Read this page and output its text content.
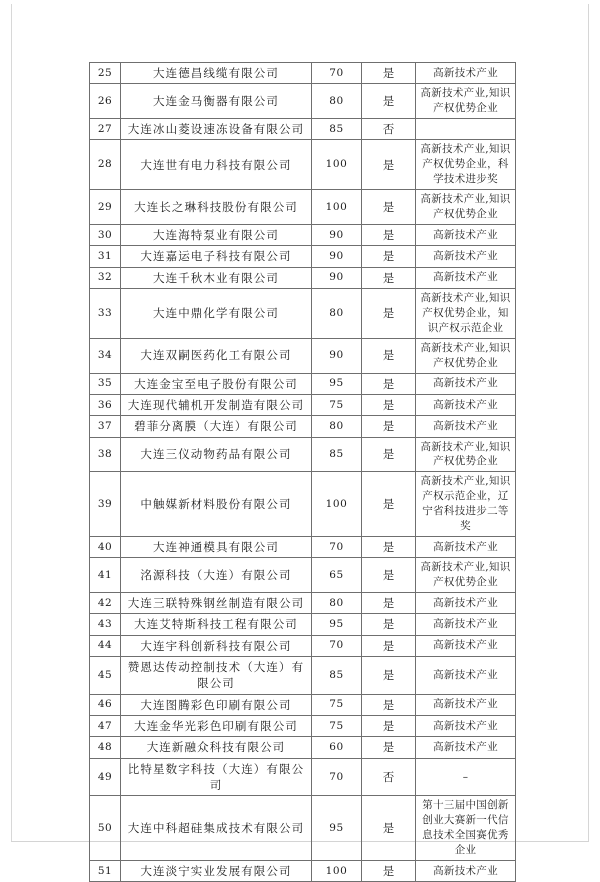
25	大连德昌线缆有限公司	70	是	高新技术产业
26	大连金马衡器有限公司	80	是	高新技术产业,知识产权优势企业
27	大连冰山菱设速冻设备有限公司	85	否	
28	大连世有电力科技有限公司	100	是	高新技术产业,知识产权优势企业，科学技术进步奖
29	大连长之琳科技股份有限公司	100	是	高新技术产业,知识产权优势企业
30	大连海特泵业有限公司	90	是	高新技术产业
31	大连嘉运电子科技有限公司	90	是	高新技术产业
32	大连千秋木业有限公司	90	是	高新技术产业
33	大连中鼎化学有限公司	80	是	高新技术产业,知识产权优势企业，知识产权示范企业
34	大连双嗣医药化工有限公司	90	是	高新技术产业,知识产权优势企业
35	大连金宝至电子股份有限公司	95	是	高新技术产业
36	大连现代辅机开发制造有限公司	75	是	高新技术产业
37	碧菲分离膜（大连）有限公司	80	是	高新技术产业
38	大连三仪动物药品有限公司	85	是	高新技术产业,知识产权优势企业
39	中触媒新材料股份有限公司	100	是	高新技术产业,知识产权示范企业，辽宁省科技进步二等奖
40	大连神通模具有限公司	70	是	高新技术产业
41	洺源科技（大连）有限公司	65	是	高新技术产业,知识产权优势企业
42	大连三联特殊钢丝制造有限公司	80	是	高新技术产业
43	大连艾特斯科技工程有限公司	95	是	高新技术产业
44	大连宇科创新科技有限公司	70	是	高新技术产业
45	赞恩达传动控制技术（大连）有限公司	85	是	高新技术产业
46	大连图腾彩色印刷有限公司	75	是	高新技术产业
47	大连金华光彩色印刷有限公司	75	是	高新技术产业
48	大连新融众科技有限公司	60	是	高新技术产业
49	比特星数字科技（大连）有限公司	70	否	–
50	大连中科超硅集成技术有限公司	95	是	第十三届中国创新创业大赛新一代信息技术全国赛优秀企业
51	大连淡宁实业发展有限公司	100	是	高新技术产业
